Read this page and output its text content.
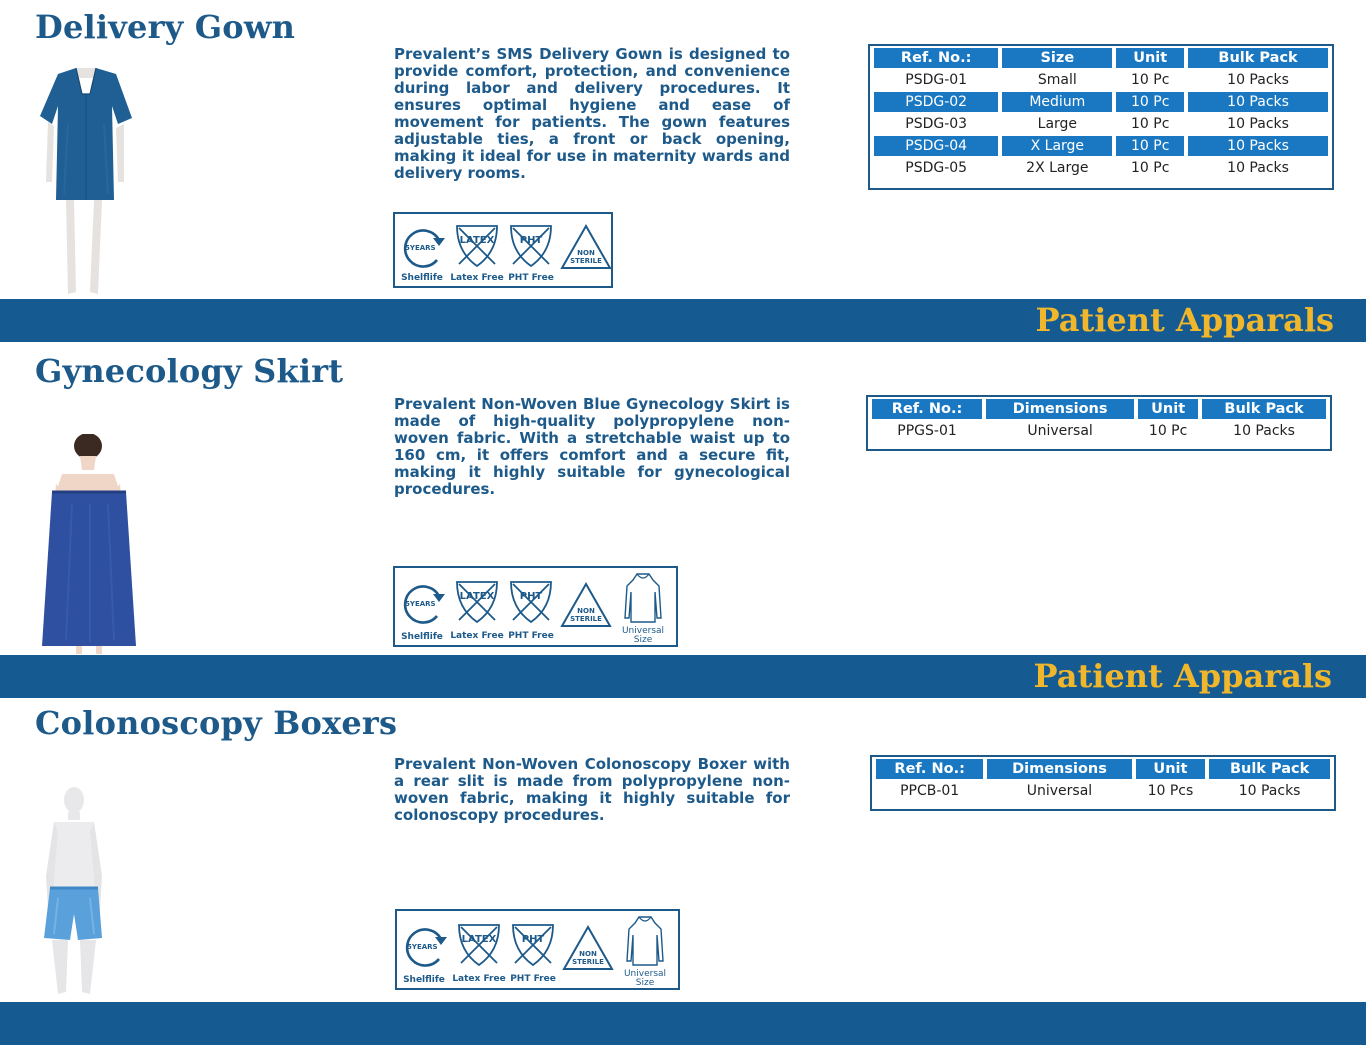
Delivery Gown

Prevalent’s SMS Delivery Gown is designed to provide comfort, protection, and convenience during labor and delivery procedures. It ensures optimal hygiene and ease of movement for patients. The gown features adjustable ties, a front or back opening, making it ideal for use in maternity wards and delivery rooms.

5YEARS
Shelflife
LATEX
Latex Free
PHT
PHT Free
NON
STERILE
Ref. No.:	Size	Unit	Bulk Pack
PSDG-01	Small	10 Pc	10 Packs
PSDG-02	Medium	10 Pc	10 Packs
PSDG-03	Large	10 Pc	10 Packs
PSDG-04	X Large	10 Pc	10 Packs
PSDG-05	2X Large	10 Pc	10 Packs
Patient Apparals
Gynecology Skirt

Prevalent Non-Woven Blue Gynecology Skirt is made of high-quality polypropylene non-woven fabric. With a stretchable waist up to 160 cm, it offers comfort and a secure fit, making it highly suitable for gynecological procedures.

5YEARS
Shelflife
LATEX
Latex Free
PHT
PHT Free
NON
STERILE
Universal
Size
Ref. No.:	Dimensions	Unit	Bulk Pack
PPGS-01	Universal	10 Pc	10 Packs
Patient Apparals
Colonoscopy Boxers

Prevalent Non-Woven Colonoscopy Boxer with a rear slit is made from polypropylene non-woven fabric, making it highly suitable for colonoscopy procedures.

5YEARS
Shelflife
LATEX
Latex Free
PHT
PHT Free
NON
STERILE
Universal
Size
Ref. No.:	Dimensions	Unit	Bulk Pack
PPCB-01	Universal	10 Pcs	10 Packs
